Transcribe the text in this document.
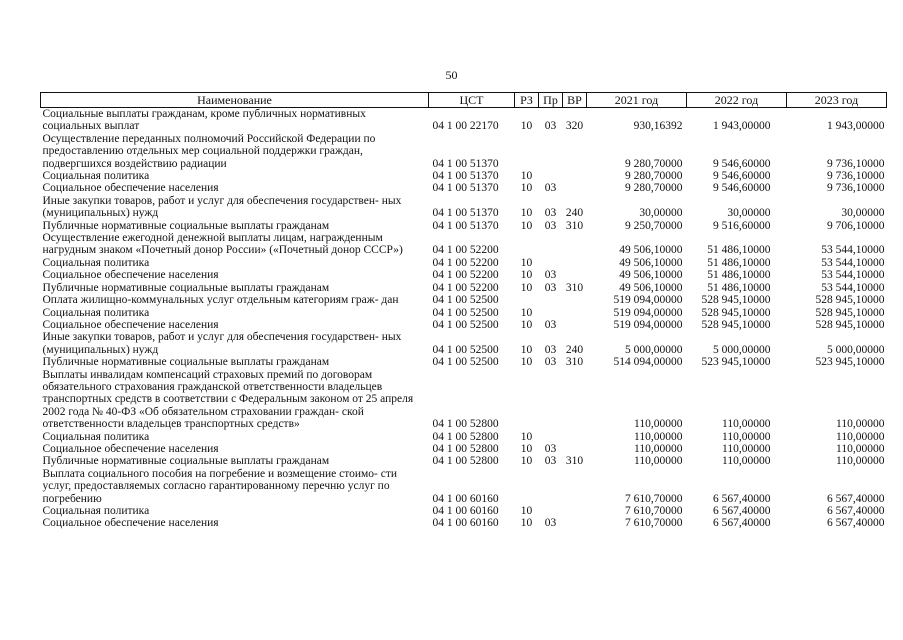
50
Наименование	ЦСТ	РЗ	Пр	ВР	2021 год	2022 год	2023 год
Социальные выплаты гражданам, кроме публичных нормативных социальных выплат	04 1 00 22170	10	03	320	930,16392	1 943,00000	1 943,00000
Осуществление переданных полномочий Российской Федерации по предоставлению отдельных мер социальной поддержки граждан, подвергшихся воздействию радиации	04 1 00 51370				9 280,70000	9 546,60000	9 736,10000
Социальная политика	04 1 00 51370	10			9 280,70000	9 546,60000	9 736,10000
Социальное обеспечение населения	04 1 00 51370	10	03		9 280,70000	9 546,60000	9 736,10000
Иные закупки товаров, работ и услуг для обеспечения государствен- ных (муниципальных) нужд	04 1 00 51370	10	03	240	30,00000	30,00000	30,00000
Публичные нормативные социальные выплаты гражданам	04 1 00 51370	10	03	310	9 250,70000	9 516,60000	9 706,10000
Осуществление ежегодной денежной выплаты лицам, награжденным нагрудным знаком «Почетный донор России» («Почетный донор СССР»)	04 1 00 52200				49 506,10000	51 486,10000	53 544,10000
Социальная политика	04 1 00 52200	10			49 506,10000	51 486,10000	53 544,10000
Социальное обеспечение населения	04 1 00 52200	10	03		49 506,10000	51 486,10000	53 544,10000
Публичные нормативные социальные выплаты гражданам	04 1 00 52200	10	03	310	49 506,10000	51 486,10000	53 544,10000
Оплата жилищно-коммунальных услуг отдельным категориям граж- дан	04 1 00 52500				519 094,00000	528 945,10000	528 945,10000
Социальная политика	04 1 00 52500	10			519 094,00000	528 945,10000	528 945,10000
Социальное обеспечение населения	04 1 00 52500	10	03		519 094,00000	528 945,10000	528 945,10000
Иные закупки товаров, работ и услуг для обеспечения государствен- ных (муниципальных) нужд	04 1 00 52500	10	03	240	5 000,00000	5 000,00000	5 000,00000
Публичные нормативные социальные выплаты гражданам	04 1 00 52500	10	03	310	514 094,00000	523 945,10000	523 945,10000
Выплаты инвалидам компенсаций страховых премий по договорам обязательного страхования гражданской ответственности владельцев транспортных средств в соответствии с Федеральным законом от 25 апреля 2002 года № 40-ФЗ «Об обязательном страховании граждан- ской ответственности владельцев транспортных средств»	04 1 00 52800				110,00000	110,00000	110,00000
Социальная политика	04 1 00 52800	10			110,00000	110,00000	110,00000
Социальное обеспечение населения	04 1 00 52800	10	03		110,00000	110,00000	110,00000
Публичные нормативные социальные выплаты гражданам	04 1 00 52800	10	03	310	110,00000	110,00000	110,00000
Выплата социального пособия на погребение и возмещение стоимо- сти услуг, предоставляемых согласно гарантированному перечню услуг по погребению	04 1 00 60160				7 610,70000	6 567,40000	6 567,40000
Социальная политика	04 1 00 60160	10			7 610,70000	6 567,40000	6 567,40000
Социальное обеспечение населения	04 1 00 60160	10	03		7 610,70000	6 567,40000	6 567,40000
